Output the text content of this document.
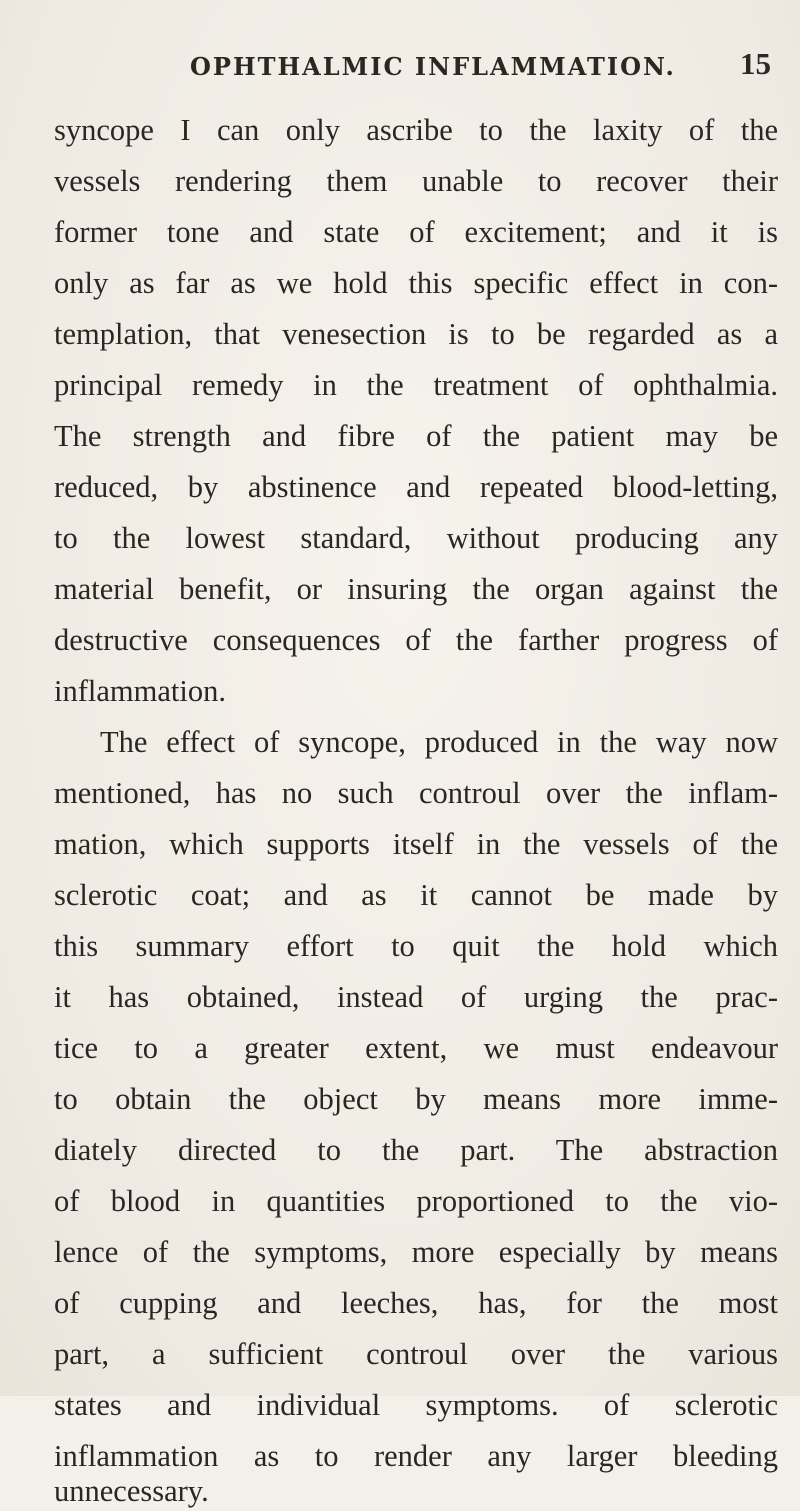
OPHTHALMIC INFLAMMATION. 15
syncope I can only ascribe to the laxity of the
vessels rendering them unable to recover their
former tone and state of excitement; and it is
only as far as we hold this specific effect in con-
templation, that venesection is to be regarded as a
principal remedy in the treatment of ophthalmia.
The strength and fibre of the patient may be
reduced, by abstinence and repeated blood-letting,
to the lowest standard, without producing any
material benefit, or insuring the organ against the
destructive consequences of the farther progress of
inflammation.
The effect of syncope, produced in the way now
mentioned, has no such controul over the inflam-
mation, which supports itself in the vessels of the
sclerotic coat; and as it cannot be made by
this summary effort to quit the hold which
it has obtained, instead of urging the prac-
tice to a greater extent, we must endeavour
to obtain the object by means more imme-
diately directed to the part. The abstraction
of blood in quantities proportioned to the vio-
lence of the symptoms, more especially by means
of cupping and leeches, has, for the most
part, a sufficient controul over the various
states and individual symptoms. of sclerotic
inflammation as to render any larger bleeding
unnecessary.
